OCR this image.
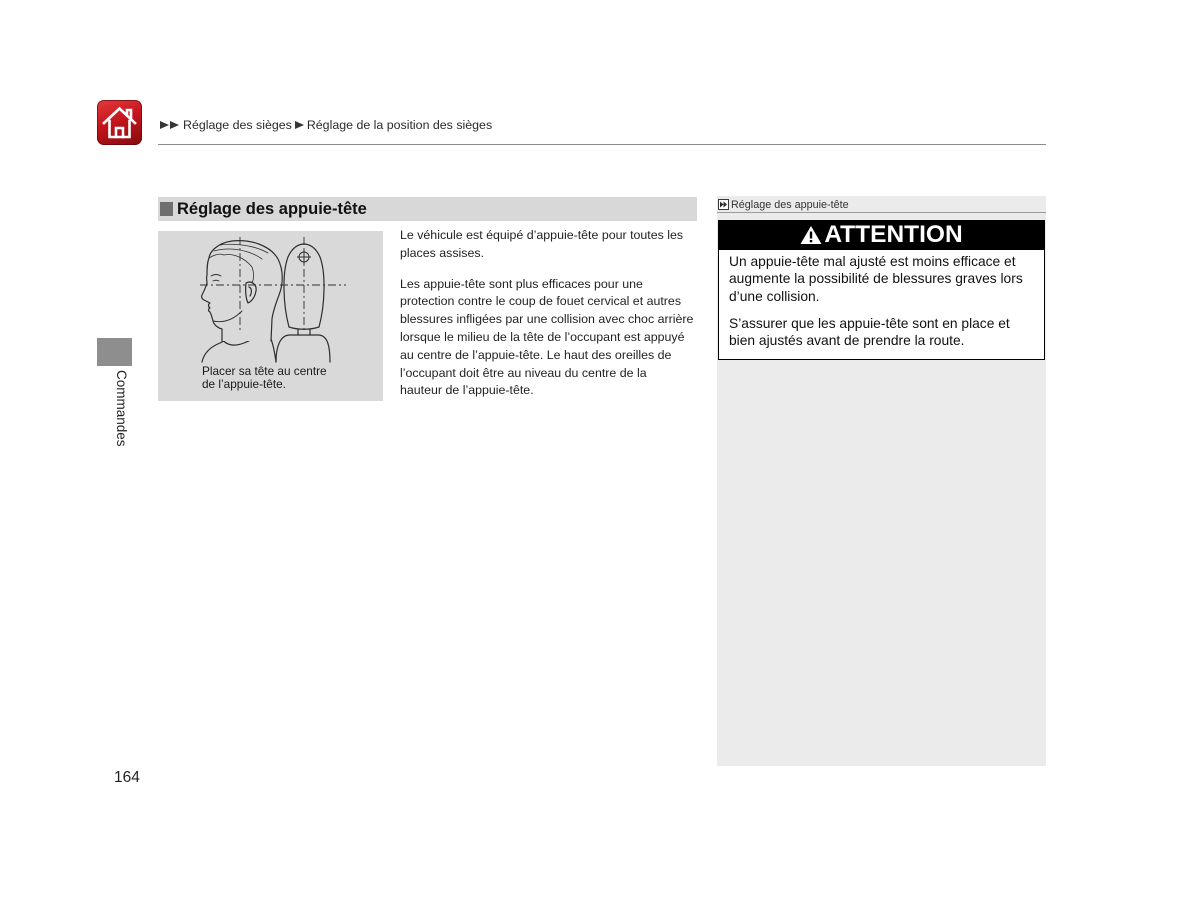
Réglage des sièges Réglage de la position des sièges
Commandes
Réglage des appuie-tête
Placer sa tête au centre
de l’appuie-tête.
Le véhicule est équipé d’appuie-tête pour toutes les
places assises.
Les appuie-tête sont plus efficaces pour une
protection contre le coup de fouet cervical et autres
blessures infligées par une collision avec choc arrière
lorsque le milieu de la tête de l’occupant est appuyé
au centre de l’appuie-tête. Le haut des oreilles de
l’occupant doit être au niveau du centre de la
hauteur de l’appuie-tête.
Réglage des appuie-tête
ATTENTION
Un appuie-tête mal ajusté est moins efficace et
augmente la possibilité de blessures graves lors
d’une collision.
S’assurer que les appuie-tête sont en place et
bien ajustés avant de prendre la route.
164
